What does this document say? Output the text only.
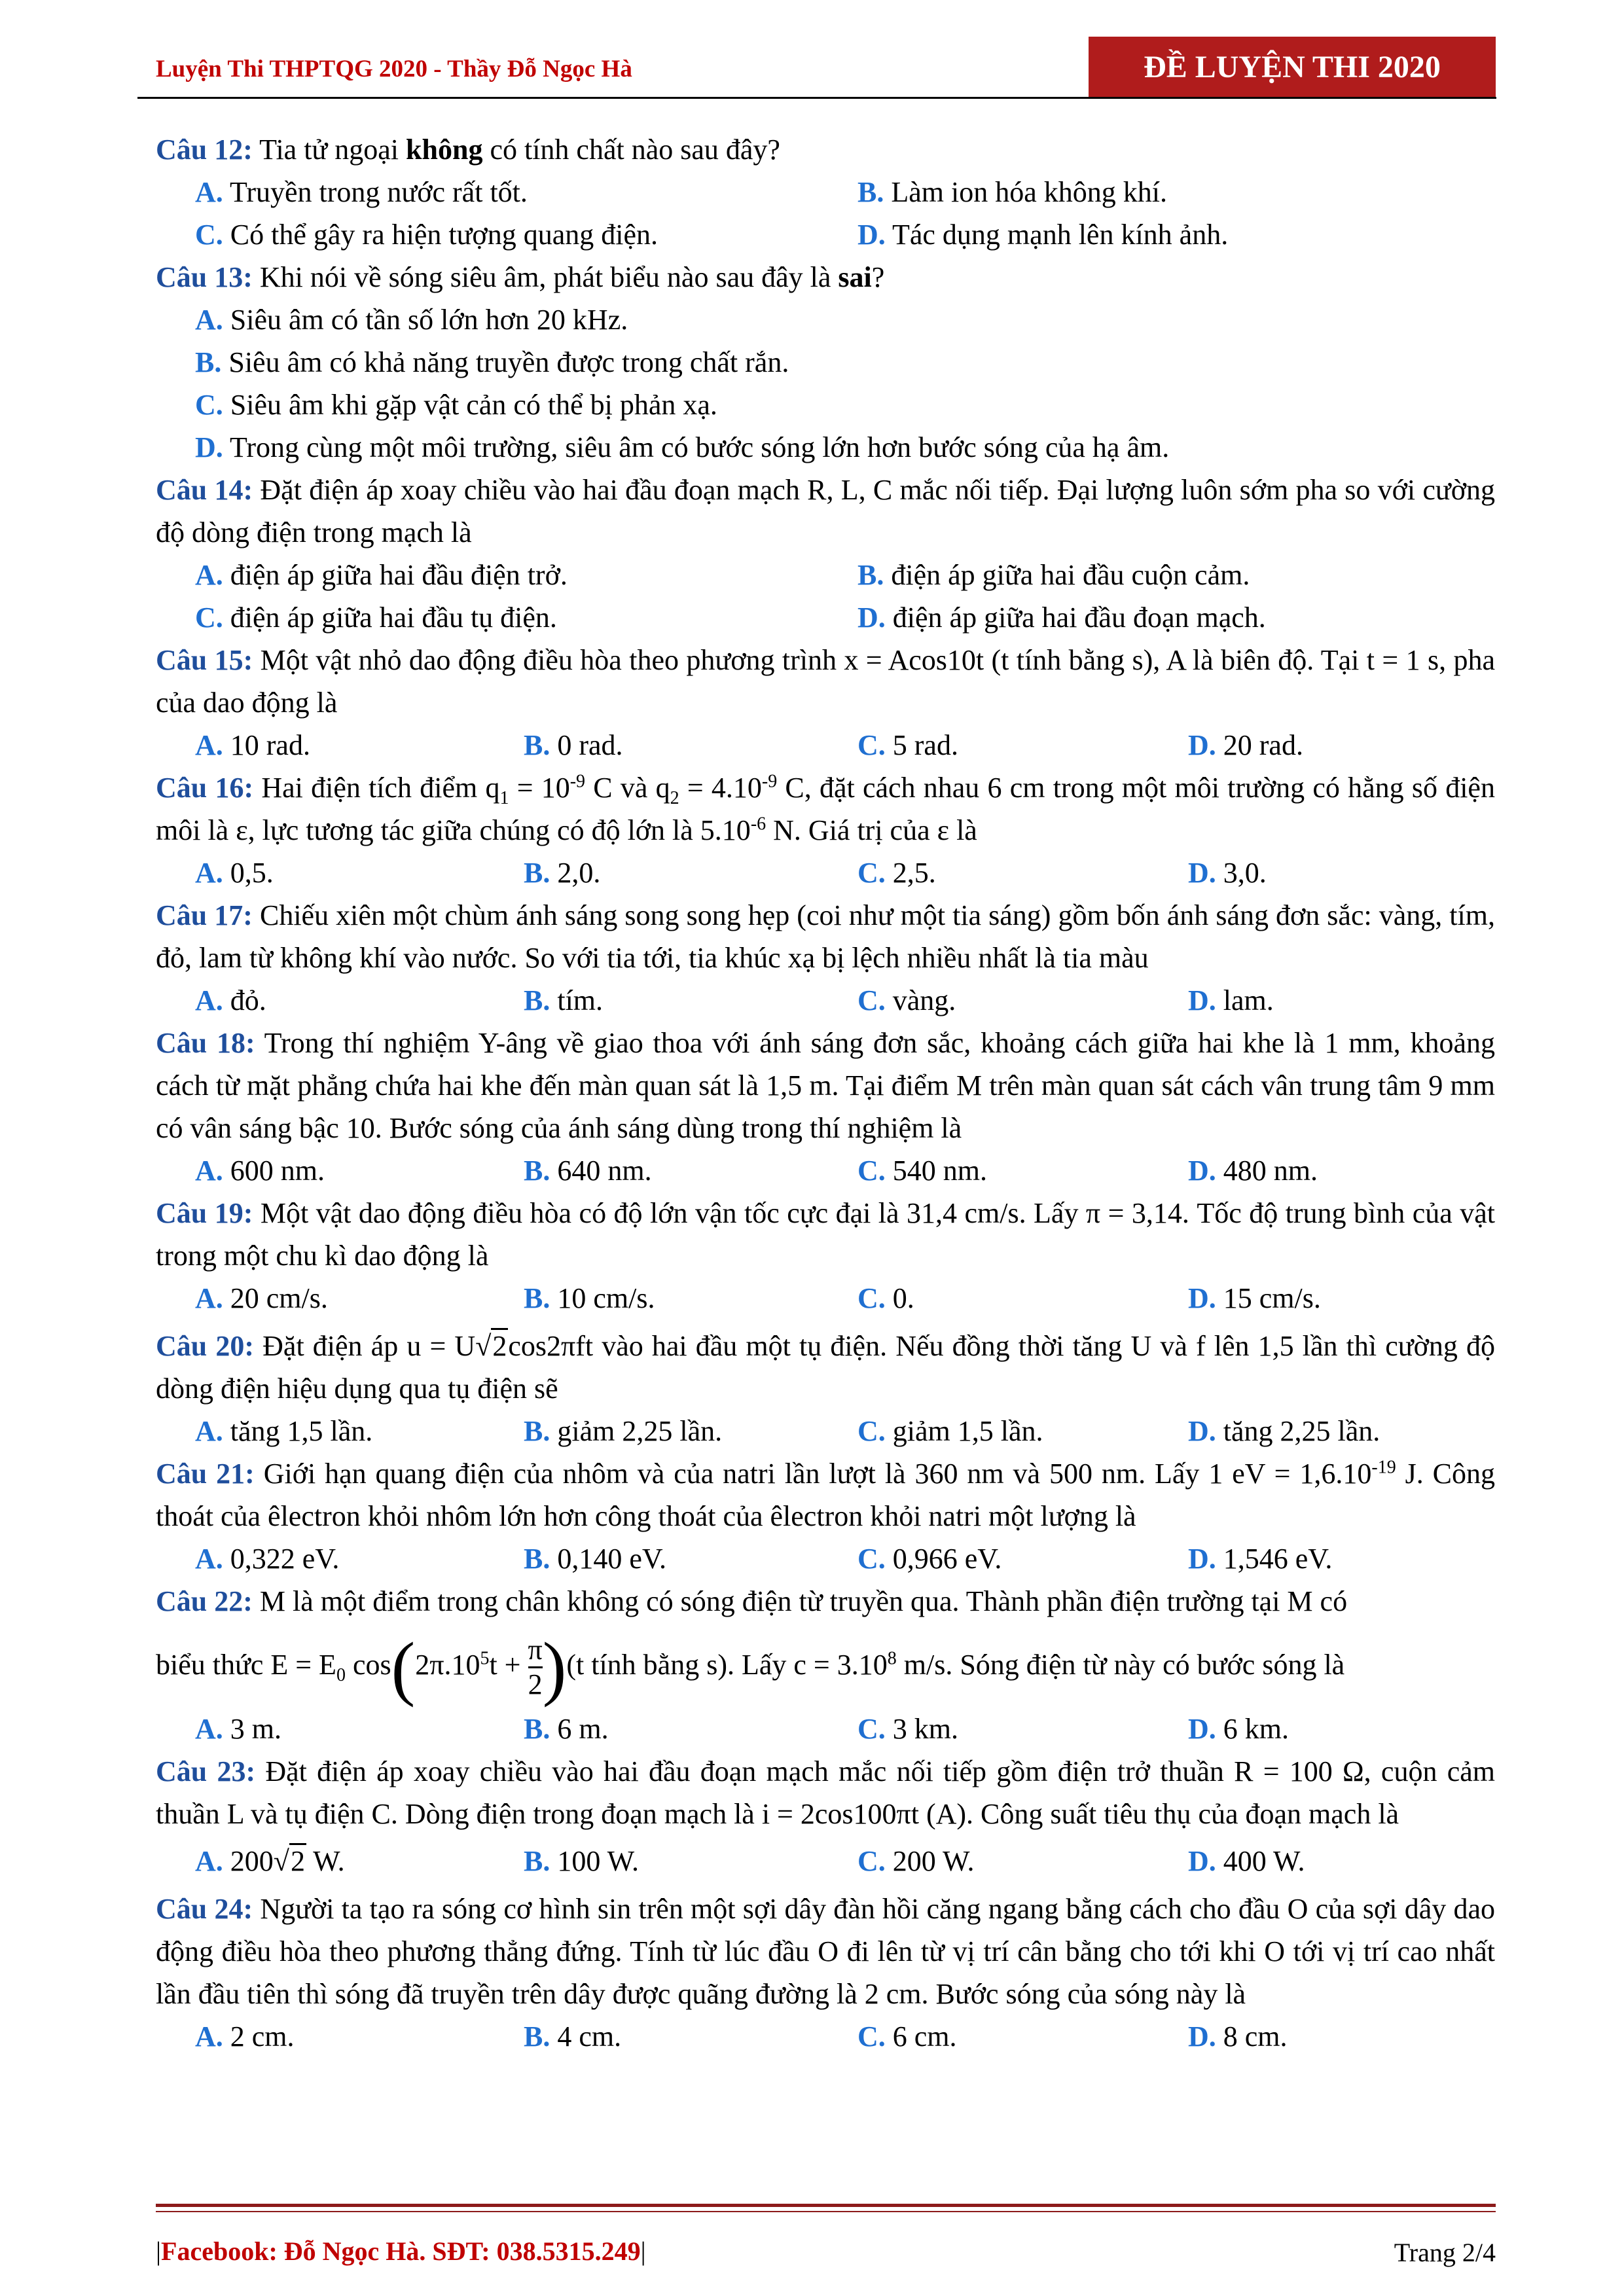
Luyện Thi THPTQG 2020 - Thầy Đỗ Ngọc Hà	ĐỀ LUYỆN THI 2020
Câu 12: Tia tử ngoại không có tính chất nào sau đây?
A. Truyền trong nước rất tốt.	B. Làm ion hóa không khí.
C. Có thể gây ra hiện tượng quang điện.	D. Tác dụng mạnh lên kính ảnh.
Câu 13: Khi nói về sóng siêu âm, phát biểu nào sau đây là sai?
A. Siêu âm có tần số lớn hơn 20 kHz.
B. Siêu âm có khả năng truyền được trong chất rắn.
C. Siêu âm khi gặp vật cản có thể bị phản xạ.
D. Trong cùng một môi trường, siêu âm có bước sóng lớn hơn bước sóng của hạ âm.
Câu 14: Đặt điện áp xoay chiều vào hai đầu đoạn mạch R, L, C mắc nối tiếp. Đại lượng luôn sớm pha so với cường độ dòng điện trong mạch là
A. điện áp giữa hai đầu điện trở.	B. điện áp giữa hai đầu cuộn cảm.
C. điện áp giữa hai đầu tụ điện.	D. điện áp giữa hai đầu đoạn mạch.
Câu 15: Một vật nhỏ dao động điều hòa theo phương trình x = Acos10t (t tính bằng s), A là biên độ. Tại t = 1 s, pha của dao động là
A. 10 rad.	B. 0 rad.	C. 5 rad.	D. 20 rad.
Câu 16: Hai điện tích điểm $q_1 = 10^{-9}$ C và $q_2 = 4.10^{-9}$ C, đặt cách nhau 6 cm trong một môi trường có hằng số điện môi là ε, lực tương tác giữa chúng có độ lớn là $5.10^{-6}$ N. Giá trị của ε là
A. 0,5.	B. 2,0.	C. 2,5.	D. 3,0.
Câu 17: Chiếu xiên một chùm ánh sáng song song hẹp (coi như một tia sáng) gồm bốn ánh sáng đơn sắc: vàng, tím, đỏ, lam từ không khí vào nước. So với tia tới, tia khúc xạ bị lệch nhiều nhất là tia màu
A. đỏ.	B. tím.	C. vàng.	D. lam.
Câu 18: Trong thí nghiệm Y-âng về giao thoa với ánh sáng đơn sắc, khoảng cách giữa hai khe là 1 mm, khoảng cách từ mặt phẳng chứa hai khe đến màn quan sát là 1,5 m. Tại điểm M trên màn quan sát cách vân trung tâm 9 mm có vân sáng bậc 10. Bước sóng của ánh sáng dùng trong thí nghiệm là
A. 600 nm.	B. 640 nm.	C. 540 nm.	D. 480 nm.
Câu 19: Một vật dao động điều hòa có độ lớn vận tốc cực đại là 31,4 cm/s. Lấy π = 3,14. Tốc độ trung bình của vật trong một chu kì dao động là
A. 20 cm/s.	B. 10 cm/s.	C. 0.	D. 15 cm/s.
Câu 20: Đặt điện áp u = U√2cos2πft vào hai đầu một tụ điện. Nếu đồng thời tăng U và f lên 1,5 lần thì cường độ dòng điện hiệu dụng qua tụ điện sẽ
A. tăng 1,5 lần.	B. giảm 2,25 lần.	C. giảm 1,5 lần.	D. tăng 2,25 lần.
Câu 21: Giới hạn quang điện của nhôm và của natri lần lượt là 360 nm và 500 nm. Lấy 1 eV = $1,6.10^{-19}$ J. Công thoát của êlectron khỏi nhôm lớn hơn công thoát của êlectron khỏi natri một lượng là
A. 0,322 eV.	B. 0,140 eV.	C. 0,966 eV.	D. 1,546 eV.
Câu 22: M là một điểm trong chân không có sóng điện từ truyền qua. Thành phần điện trường tại M có
biểu thức $E = E_0$ $\cos(2\pi.10^5t + \frac{\pi}{2} )(t$ tính bằng s). Lấy $c = 3.10^8$ m/s. Sóng điện từ này có bước sóng là
A. 3 m.	B. 6 m.	C. 3 km.	D. 6 km.
Câu 23: Đặt điện áp xoay chiều vào hai đầu đoạn mạch mắc nối tiếp gồm điện trở thuần R = 100 Ω, cuộn cảm thuần L và tụ điện C. Dòng điện trong đoạn mạch là i = 2cos100πt (A). Công suất tiêu thụ của đoạn mạch là
A. 200√2 W.	B. 100 W.	C. 200 W.	D. 400 W.
Câu 24: Người ta tạo ra sóng cơ hình sin trên một sợi dây đàn hồi căng ngang bằng cách cho đầu O của sợi dây dao động điều hòa theo phương thẳng đứng. Tính từ lúc đầu O đi lên từ vị trí cân bằng cho tới khi O tới vị trí cao nhất lần đầu tiên thì sóng đã truyền trên dây được quãng đường là 2 cm. Bước sóng của sóng này là
A. 2 cm.	B. 4 cm.	C. 6 cm.	D. 8 cm.
|Facebook: Đỗ Ngọc Hà. SĐT: 038.5315.249|	Trang 2/4
